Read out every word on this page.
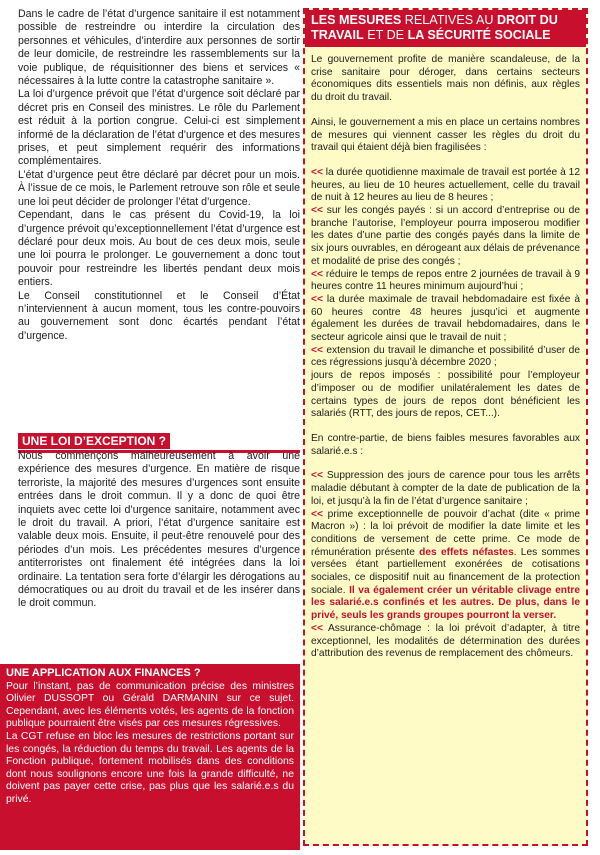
Dans le cadre de l’état d’urgence sanitaire il est notamment possible de restreindre ou interdire la circulation des personnes et véhicules, d’interdire aux personnes de sortir de leur domicile, de restreindre les rassemblements sur la voie publique, de réquisitionner des biens et services « nécessaires à la lutte contre la catastrophe sanitaire ».

La loi d’urgence prévoit que l’état d’urgence soit déclaré par décret pris en Conseil des ministres. Le rôle du Parlement est réduit à la portion congrue. Celui-ci est simplement informé de la déclaration de l’état d’urgence et des mesures prises, et peut simplement requérir des informations complémentaires.

L’état d’urgence peut être déclaré par décret pour un mois. À l’issue de ce mois, le Parlement retrouve son rôle et seule une loi peut décider de prolonger l’état d’urgence.

Cependant, dans le cas présent du Covid-19, la loi d’urgence prévoit qu’exceptionnellement l’état d’urgence est déclaré pour deux mois. Au bout de ces deux mois, seule une loi pourra le prolonger. Le gouvernement a donc tout pouvoir pour restreindre les libertés pendant deux mois entiers.

Le Conseil constitutionnel et le Conseil d’État n’interviennent à aucun moment, tous les contre-pouvoirs au gouvernement sont donc écartés pendant l’état d’urgence.

UNE LOI D’EXCEPTION ?

Nous commençons malheureusement à avoir une expérience des mesures d’urgence. En matière de risque terroriste, la majorité des mesures d’urgences sont ensuite entrées dans le droit commun. Il y a donc de quoi être inquiets avec cette loi d’urgence sanitaire, notamment avec le droit du travail. A priori, l’état d’urgence sanitaire est valable deux mois. Ensuite, il peut-être renouvelé pour des périodes d’un mois. Les précédentes mesures d’urgence antiterroristes ont finalement été intégrées dans la loi ordinaire. La tentation sera forte d’élargir les dérogations au démocratiques ou au droit du travail et de les insérer dans le droit commun.

UNE APPLICATION AUX FINANCES ?

Pour l’instant, pas de communication précise des ministres Olivier DUSSOPT ou Gérald DARMANIN sur ce sujet. Cependant, avec les éléments votés, les agents de la fonction publique pourraient être visés par ces mesures régressives.

La CGT refuse en bloc les mesures de restrictions portant sur les congés, la réduction du temps du travail. Les agents de la Fonction publique, fortement mobilisés dans des conditions dont nous soulignons encore une fois la grande difficulté, ne doivent pas payer cette crise, pas plus que les salarié.e.s du privé.

LES MESURES RELATIVES AU DROIT DU TRAVAIL ET DE LA SÉCURITÉ SOCIALE

Le gouvernement profite de manière scandaleuse, de la crise sanitaire pour déroger, dans certains secteurs économiques dits essentiels mais non définis, aux règles du droit du travail.

Ainsi, le gouvernement a mis en place un certains nombres de mesures qui viennent casser les règles du droit du travail qui étaient déjà bien fragilisées :

<< la durée quotidienne maximale de travail est portée à 12 heures, au lieu de 10 heures actuellement, celle du travail de nuit à 12 heures au lieu de 8 heures ;

<< sur les congés payés : si un accord d’entreprise ou de branche l’autorise, l’employeur pourra imposerou modifier les dates d’une partie des congés payés dans la limite de six jours ouvrables, en dérogeant aux délais de prévenance et modalité de prise des congés ;

<< réduire le temps de repos entre 2 journées de travail à 9 heures contre 11 heures minimum aujourd’hui ;

<< la durée maximale de travail hebdomadaire est fixée à 60 heures contre 48 heures jusqu’ici et augmente également les durées de travail hebdomadaires, dans le secteur agricole ainsi que le travail de nuit ;

<< extension du travail le dimanche et possibilité d’user de ces régressions jusqu’à décembre 2020 ;

jours de repos imposés : possibilité pour l’employeur d’imposer ou de modifier unilatéralement les dates de certains types de jours de repos dont bénéficient les salariés (RTT, des jours de repos, CET...).

En contre-partie, de biens faibles mesures favorables aux salarié.e.s :

<< Suppression des jours de carence pour tous les arrêts maladie débutant à compter de la date de publication de la loi, et jusqu’à la fin de l’état d’urgence sanitaire ;

<< prime exceptionnelle de pouvoir d’achat (dite « prime Macron ») : la loi prévoit de modifier la date limite et les conditions de versement de cette prime. Ce mode de rémunération présente des effets néfastes. Les sommes versées étant partiellement exonérées de cotisations sociales, ce dispositif nuit au financement de la protection sociale. Il va également créer un véritable clivage entre les salarié.e.s confinés et les autres. De plus, dans le privé, seuls les grands groupes pourront la verser.

<< Assurance-chômage : la loi prévoit d’adapter, à titre exceptionnel, les modalités de détermination des durées d’attribution des revenus de remplacement des chômeurs.
